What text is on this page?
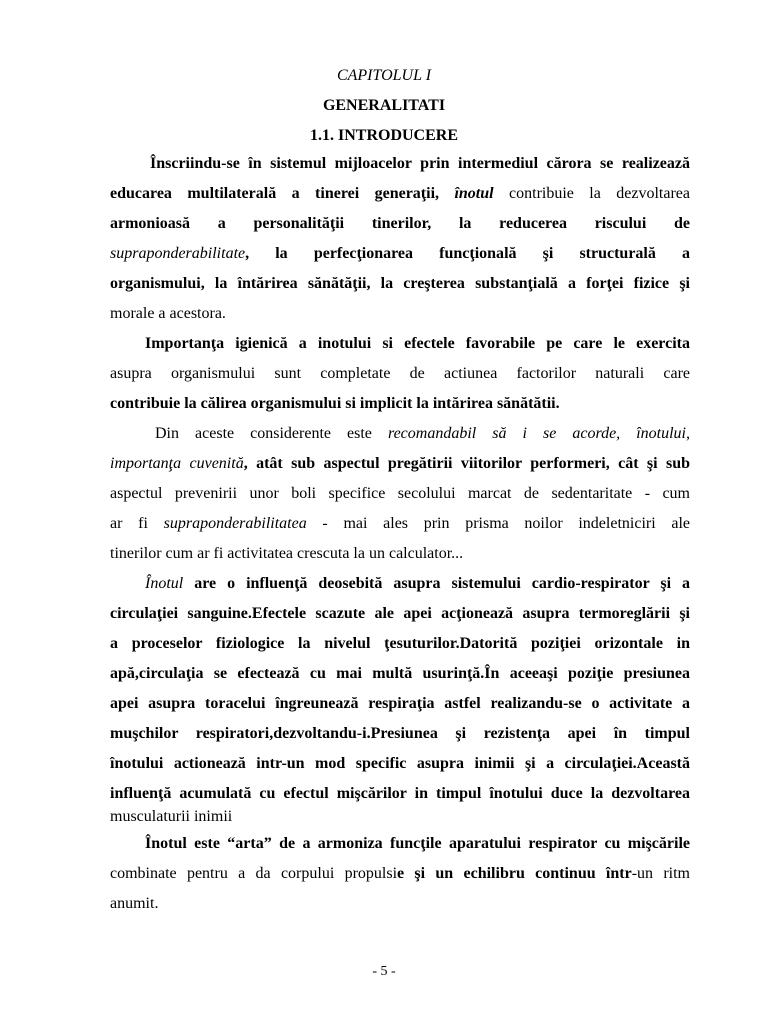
CAPITOLUL I
GENERALITATI
1.1. INTRODUCERE
Înscriindu-se în sistemul mijloacelor prin intermediul cărora se realizează
educarea multilaterală a tinerei generaţii, înotul contribuie la dezvoltarea
armonioasă a personalităţii tinerilor, la reducerea riscului de
supraponderabilitate, la perfecţionarea funcţională şi structurală a
organismului, la întărirea sănătăţii, la creşterea substanţială a forţei fizice şi
morale a acestora.
Importanţa igienică a inotului si efectele favorabile pe care le exercita
asupra organismului sunt completate de actiunea factorilor naturali care
contribuie la călirea organismului si implicit la intărirea sănătătii.
Din aceste considerente este recomandabil să i se acorde, înotului,
importanţa cuvenită, atât sub aspectul pregătirii viitorilor performeri, cât şi sub
aspectul prevenirii unor boli specifice secolului marcat de sedentaritate - cum
ar fi supraponderabilitatea - mai ales prin prisma noilor indeletniciri ale
tinerilor cum ar fi activitatea crescuta la un calculator...
Înotul are o influenţă deosebită asupra sistemului cardio-respirator şi a
circulaţiei sanguine.Efectele scazute ale apei acţionează asupra termoreglării şi
a proceselor fiziologice la nivelul ţesuturilor.Datorită poziţiei orizontale in
apă,circulaţia se efectează cu mai multă usurinţă.În aceeaşi poziţie presiunea
apei asupra toracelui îngreunează respiraţia astfel realizandu-se o activitate a
muşchilor respiratori,dezvoltandu-i.Presiunea şi rezistenţa apei în timpul
înotului actionează intr-un mod specific asupra inimii şi a circulaţiei.Această
influenţă acumulată cu efectul mişcărilor in timpul înotului duce la dezvoltarea
musculaturii inimii
Înotul este “arta” de a armoniza funcţile aparatului respirator cu mişcările
combinate pentru a da corpului propulsie şi un echilibru continuu într-un ritm
anumit.
- 5 -
